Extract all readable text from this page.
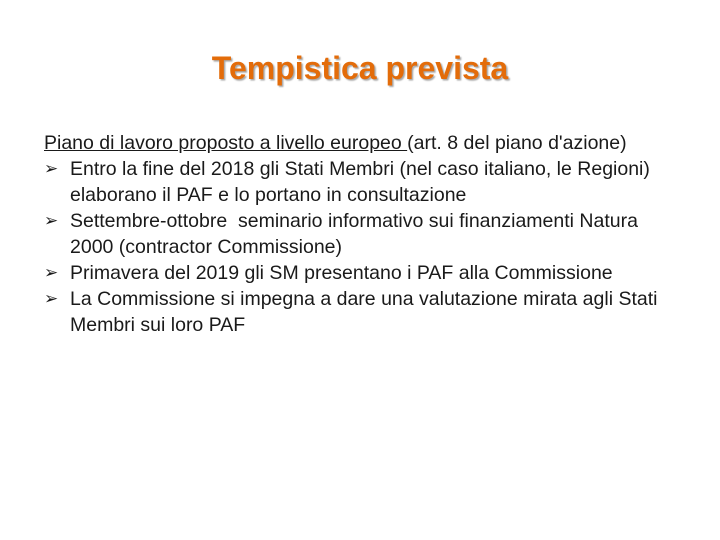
Tempistica prevista

Piano di lavoro proposto a livello europeo (art. 8 del piano d'azione)

➢ Entro la fine del 2018 gli Stati Membri (nel caso italiano, le Regioni) elaborano il PAF e lo portano in consultazione
➢ Settembre-ottobre  seminario informativo sui finanziamenti Natura 2000 (contractor Commissione)
➢ Primavera del 2019 gli SM presentano i PAF alla Commissione
➢ La Commissione si impegna a dare una valutazione mirata agli Stati Membri sui loro PAF
